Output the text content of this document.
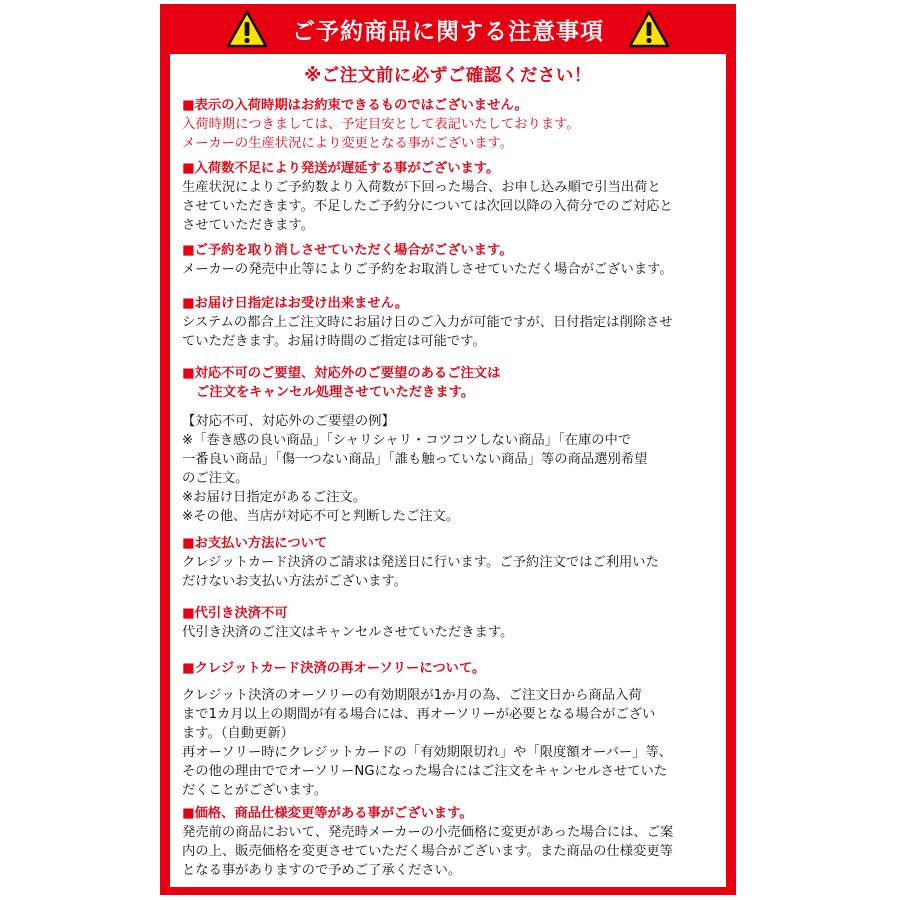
ご予約商品に関する注意事項
※ご注文前に必ずご確認ください！
■表示の入荷時期はお約束できるものではございません。
入荷時期につきましては、予定目安として表記いたしております。
メーカーの生産状況により変更となる事がございます。
■入荷数不足により発送が遅延する事がございます。
生産状況によりご予約数より入荷数が下回った場合、お申し込み順で引当出荷と
させていただきます。不足したご予約分については次回以降の入荷分でのご対応と
させていただきます。
■ご予約を取り消しさせていただく場合がございます。
メーカーの発売中止等によりご予約をお取消しさせていただく場合がございます。
■お届け日指定はお受け出来ません。
システムの都合上ご注文時にお届け日のご入力が可能ですが、日付指定は削除させ
ていただきます。お届け時間のご指定は可能です。
■対応不可のご要望、対応外のご要望のあるご注文は
ご注文をキャンセル処理させていただきます。
【対応不可、対応外のご要望の例】
※「巻き感の良い商品」「シャリシャリ・コツコツしない商品」「在庫の中で
一番良い商品」「傷一つない商品」「誰も触っていない商品」等の商品選別希望
のご注文。
※お届け日指定があるご注文。
※その他、当店が対応不可と判断したご注文。
■お支払い方法について
クレジットカード決済のご請求は発送日に行います。ご予約注文ではご利用いた
だけないお支払い方法がございます。
■代引き決済不可
代引き決済のご注文はキャンセルさせていただきます。
■クレジットカード決済の再オーソリーについて。
クレジット決済のオーソリーの有効期限が1か月の為、ご注文日から商品入荷
まで1カ月以上の期間が有る場合には、再オーソリーが必要となる場合がござい
ます。（自動更新）
再オーソリー時にクレジットカードの「有効期限切れ」や「限度額オーバー」等、
その他の理由ででオーソリーNGになった場合にはご注文をキャンセルさせていた
だくことがございます。
■価格、商品仕様変更等がある事がございます。
発売前の商品において、発売時メーカーの小売価格に変更があった場合には、ご案
内の上、販売価格を変更させていただく場合がございます。また商品の仕様変更等
となる事がありますので予めご了承ください。
